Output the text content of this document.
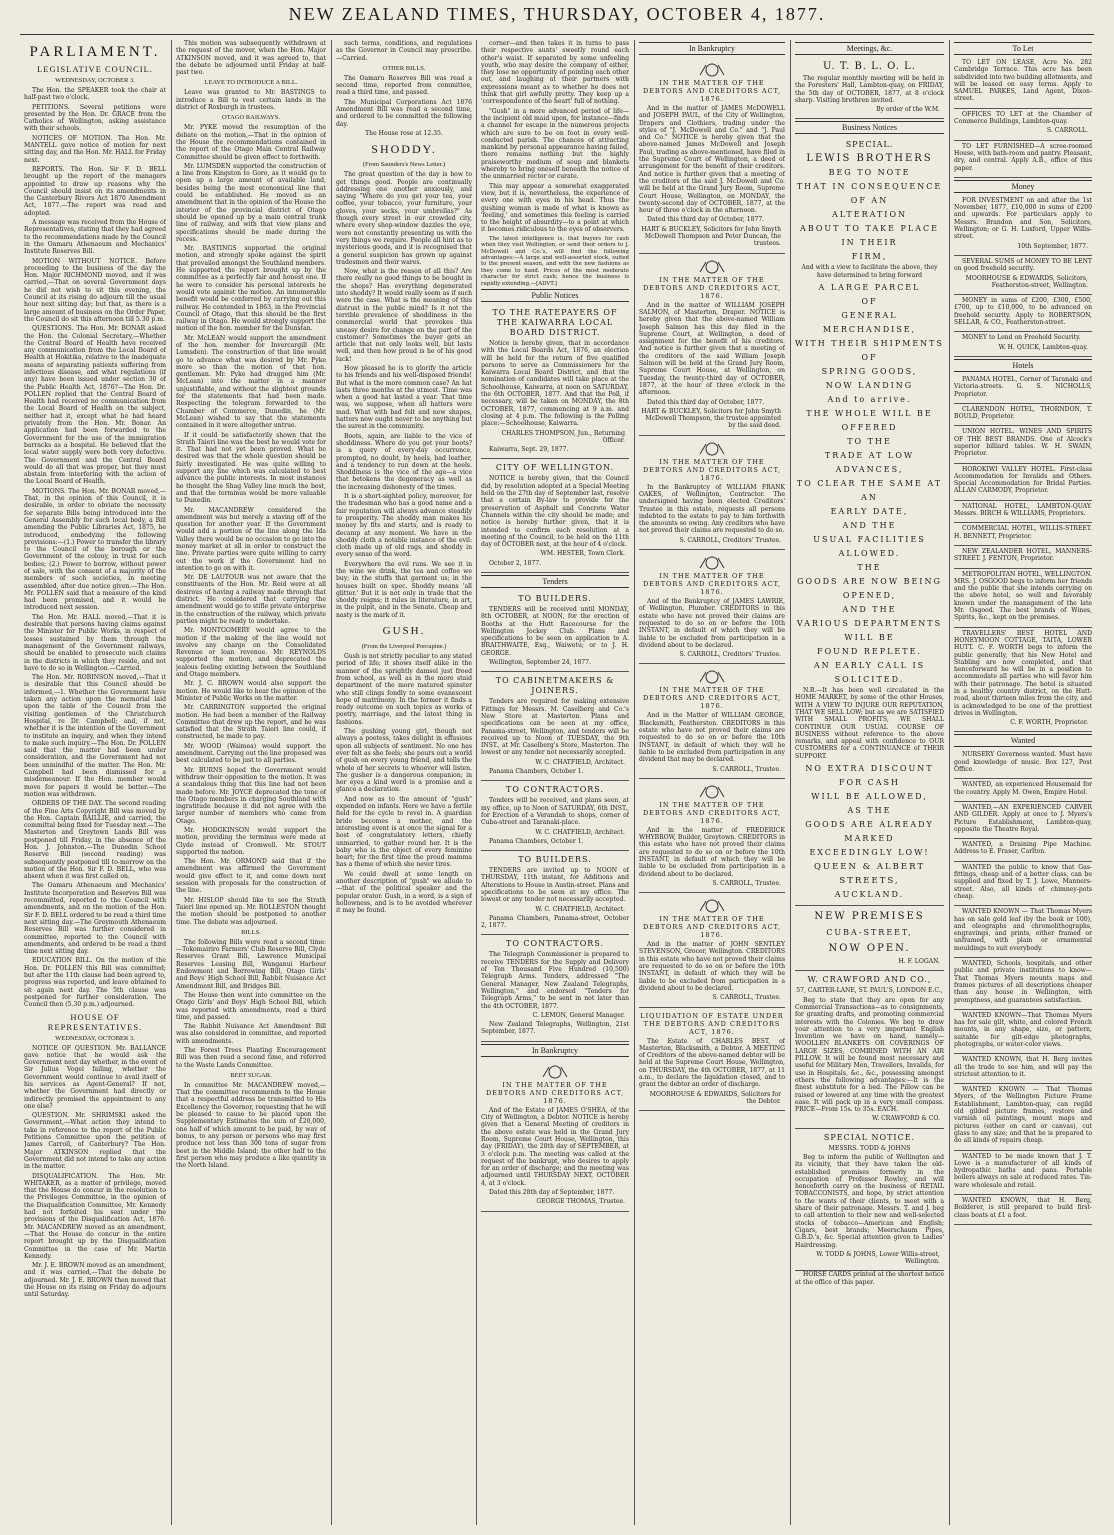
NEW ZEALAND TIMES, THURSDAY, OCTOBER 4, 1877.
PARLIAMENT.
LEGISLATIVE COUNCIL.
WEDNESDAY, OCTOBER 3.

The Hon. the SPEAKER took the chair at half-past two o'clock.

PETITIONS. Several petitions were presented by the Hon. Dr. GRACE from the Catholics of Wellington, asking assistance with their schools.

NOTICES OF MOTION. The Hon. Mr. MANTELL gave notice of motion for next sitting day, and the Hon. Mr. HALL for Friday next.

REPORTS. The Hon. Sir F. D. BELL brought up the report of the managers appointed to draw up reasons why the Council should insist on its amendments in the Canterbury Rivers Act 1870 Amendment Act, 1877.—The report was read and adopted.

A message was received from the House of Representatives, stating that they had agreed to the recommendations made by the Council in the Oamaru Athenaeum and Mechanics' Institute Reserves Bill.

MOTION WITHOUT NOTICE. Before proceeding to the business of the day the Hon. Major RICHMOND moved, and it was carried,—That on several Government days he did not wish to sit this evening, the Council at its rising do adjourn till the usual hour next sitting day; but that, as there is a large amount of business on the Order Paper, the Council do sit this afternoon till 5.30 p.m.

QUESTIONS. The Hon. Mr. BONAR asked the Hon. the Colonial Secretary,—Whether the Central Board of Health have received any communication from the Local Board of Health at Hokitika, relative to the inadequate means of separating patients suffering from infectious disease, and what regulations (if any) have been issued under section 30 of the Public Health Act, 1876?—The Hon. Dr. POLLEN replied that the Central Board of Health had received no communication from the Local Board of Health on the subject, neither had it, except what he had heard privately from the Hon. Mr. Bonar. An application had been forwarded to the Government for the use of the immigration barracks as a hospital. He believed that the local water supply were both very defective. The Government and the Central Board would do all that was proper, but they must abstain from interfering with the action of the Local Board of Health.

MOTIONS. The Hon. Mr. BONAR moved,—That, in the opinion of this Council, it is desirable, in order to obviate the necessity for separate Bills being introduced into the General Assembly for such local body, a Bill amending the Public Libraries Act, 1875, be introduced, embodying the following provisions:—(1.) Power to transfer the library to the Council of the borough or the Government of the colony, in trust for such bodies; (2.) Power to borrow, without power of sale, with the consent of a majority of the members of such societies, in meeting assembled, after due notice given.—The Hon. Mr. FOLLEN said that a measure of the kind had been promised, and it would be introduced next session.

The Hon. Mr. HALL moved,—That it is desirable that persons having claims against the Minister for Public Works, in respect of losses sustained by them through the management of the Government railways, should be enabled to prosecute such claims in the districts in which they reside, and not have to do so in Wellington.—Carried.

The Hon. Mr. ROBINSON moved,—That it is desirable that this Council should be informed,—1. Whether the Government have taken any action upon the memorial laid upon the table of the Council from the visiting gentlemen of the Christchurch Hospital, re Dr. Campbell; and, if not, whether it is the intention of the Government to institute an inquiry, and when they intend to make such inquiry.—The Hon. Dr. POLLEN said that the matter had been under consideration, and the Government had not been unmindful of the matter. The Hon. Mr. Campbell had been dismissed for a misdemeanour. If the Hon. member would move for papers it would be better.—The motion was withdrawn.

ORDERS OF THE DAY. The second reading of the Fine Arts Copyright Bill was moved by the Hon. Captain BAILLIE, and carried, the committal being fixed for Tuesday next.—The Masterton and Greytown Lands Bill was postponed till Friday, in the absence of the Hon. J. Johnston.—The Dunedin School Reserve Bill (second reading) was subsequently postponed till to-morrow on the motion of the Hon. Sir F. D. BELL, who was absent when it was first called on.

The Oamaru Athenaeum and Mechanics' Institute Incorporation and Reserves Bill was recommitted, reported to the Council with amendments, and on the motion of the Hon. Sir F. D. BELL ordered to be read a third time next sitting day.—The Greymouth Athenaeum Reserves Bill was further considered in committee, reported to the Council with amendments, and ordered to be read a third time next sitting day.

EDUCATION BILL. On the motion of the Hon. Dr. POLLEN this Bill was committed; but after the 11th clause had been agreed to, progress was reported, and leave obtained to sit again next day. The 5th clause was postponed for further consideration. The Council then (5.30 p.m.) adjourned.

HOUSE OF REPRESENTATIVES.
WEDNESDAY, OCTOBER 3.

NOTICE OF QUESTION. Mr. BALLANCE gave notice that he would ask the Government next day whether, in the event of Sir Julius Vogel failing, whether the Government would continue to avail itself of his services as Agent-General? If not, whether the Government had directly or indirectly promised the appointment to any one else?

QUESTION. Mr. SHRIMSKI asked the Government,—What action they intend to take in reference to the report of the Public Petitions Committee upon the petition of James Carroll, of Canterbury? The Hon. Major ATKINSON replied that the Government did not intend to take any action in the matter.

DISQUALIFICATION. The Hon. Mr. WHITAKER, as a matter of privilege, moved that the House do concur in the resolution to the Privileges Committee, in the opinion of the Disqualification Committee, Mr. Kennedy had not forfeited his seat under the provisions of the Disqualification Act, 1876. Mr. MACANDREW moved as an amendment,—That the House do concur in the entire report brought up by the Disqualification Committee in the case of Mr. Martin Kennedy.

Mr. J. E. BROWN moved as an amendment, and it was carried,—That the debate be adjourned. Mr. J. E. BROWN then moved that the House on its rising on Friday do adjourn until Saturday.

This motion was subsequently withdrawn at the request of the mover, when the Hon. Major ATKINSON moved, and it was agreed to, that the debate be adjourned until Friday at half-past two.

LEAVE TO INTRODUCE A BILL.

Leave was granted to Mr. BASTINGS to introduce a Bill to vest certain lands in the district of Roxburgh in trustees.

OTAGO RAILWAYS.

Mr. PYKE moved the resumption of the debate on the motion,—That in the opinion of the House the recommendations contained in the report of the Otago Main Central Railway Committee should be given effect to forthwith.

Mr. LUMSDEN supported the construction of a line from Kingston to Gore, as it would go to open up a large amount of available land, besides being the most economical line that could be established. He moved as an amendment that in the opinion of the House the interior of the provincial district of Otago should be opened up by a main central trunk line of railway, and with that view plans and specifications should be made during the recess.

Mr. BASTINGS supported the original motion, and strongly spoke against the spirit that prevailed amongst the Southland members. He supported the report brought up by the committee as a perfectly fair and honest one. If he were to consider his personal interests he would vote against the motion. An innumerable benefit would be conferred by carrying out this railway. He contended in 1863, in the Provincial Council of Otago, that this should be the first railway in Otago. He would strongly support the motion of the hon. member for the Dunstan.

Mr. McLEAN would support the amendment of the hon. member for Invercargill (Mr. Lumsden). The construction of that line would go to advance what was desired by Mr. Pyke more so than the motion of that hon. gentleman. Mr. Pyke had dragged him (Mr. McLean) into the matter in a manner unjustifiable, and without the slightest grounds for the statements that had been made. Respecting the telegram forwarded to the Chamber of Commerce, Dunedin, he (Mr. McLean) wished to say that the statements contained in it were altogether untrue.

If it could be satisfactorily shown that the Strath Taieri line was the best he would vote for it. That had not yet been proved. What he desired was that the whole question should be fairly investigated. He was quite willing to support any line which was calculated to best advance the public interests. In most instances he thought the Shag Valley line much the best, and that the terminus would be more valuable to Dunedin.

Mr. MACANDREW considered the amendment was but merely a staving off of the question for another year. If the Government would add a portion of the line along the Ida Valley there would be no occasion to go into the money market at all in order to construct the line. Private parties were quite willing to carry out the work if the Government had no intention to go on with it.

Mr. DE LAUTOUR was not aware that the constituents of the Hon. Mr. Reid were at all desirous of having a railway made through that district. He considered that carrying the amendment would go to stifle private enterprise in the construction of the railway, which private parties might be ready to undertake.

Mr. MONTGOMERY would agree to the motion if the making of the line would not involve any charge on the Consolidated Revenue or loan revenue. Mr. REYNOLDS supported the motion, and deprecated the jealous feeling existing between the Southland and Otago members.

Mr. J. C. BROWN would also support the motion. He would like to hear the opinion of the Minister of Public Works on the matter.

Mr. CARRINGTON supported the original motion. He had been a member of the Railway Committee that drew up the report, and he was satisfied that the Strath Taieri line could, if constructed, be made to pay.

Mr. WOOD (Waimea) would support the amendment. Carrying out the line proposed was best calculated to be just to all parties.

Mr. BURNS hoped the Government would withdraw their opposition to the motion. It was a scandalous thing that this line had not been made before. Mr. JOYCE deprecated the tone of the Otago members in charging Southland with ingratitude because it did not agree with the larger number of members who came from Otago.

Mr. HODGKINSON would support the motion, providing the terminus were made at Clyde instead of Cromwell. Mr. STOUT supported the motion.

The Hon. Mr. ORMOND said that if the amendment was affirmed the Government would give effect to it, and come down next session with proposals for the construction of the line.

Mr. HISLOP should like to see the Strath Taieri line opened up. Mr. ROLLESTON thought the motion should be postponed to another time. The debate was adjourned.

BILLS.

The following Bills were read a second time:—Tokomairiro Farmers' Club Reserve Bill, Clyde Reserves Grant Bill, Lawrence Municipal Reserves Leasing Bill, Wanganui Harbour Endowment and Borrowing Bill, Otago Girls' and Boys' High School Bill, Rabbit Nuisance Act Amendment Bill, and Bridges Bill.

The House then went into committee on the Otago Girls' and Boys' High School Bill, which was reported with amendments, read a third time, and passed.

The Rabbit Nuisance Act Amendment Bill was also considered in committee, and reported with amendments.

The Forest Trees Planting Encouragement Bill was then read a second time, and referred to the Waste Lands Committee.

BEET SUGAR.

In committee Mr. MACANDREW moved,—That the committee recommends to the House that a respectful address be transmitted to His Excellency the Governor, requesting that he will be pleased to cause to be placed upon the Supplementary Estimates the sum of £20,000, one half of which amount to be paid, by way of bonus, to any person or persons who may first produce not less than 300 tons of sugar from beet in the Middle Island; the other half to the first person who may produce a like quantity in the North Island.

such terms, conditions, and regulations as the Governor in Council may prescribe.—Carried.

OTHER BILLS.

The Oamaru Reserves Bill was read a second time, reported from committee, read a third time, and passed.

The Municipal Corporations Act 1876 Amendment Bill was read a second time, and ordered to be committed the following day.

The House rose at 12.35.

SHODDY.
(From Saunders's News Letter.)

The great question of the day is how to get things good. People are continually addressing one another anxiously, and saying "Where do you get your tea, your coffee, your tobacco, your furniture, your gloves, your socks, your umbrellas?" As though every street in our crowded city, where every shop-window dazzles the eye, were not constantly presenting us with the very things we require. People all hint as to mysterious goods, and it is recognised that a general suspicion has grown up against tradesmen and their wares.

Now, what is the reason of all this? Are there really no good things to be bought in the shops? Has everything degenerated into shoddy? It would really seem as if such were the case. What is the meaning of this distrust in the public mind? Is it not the terrible prevalence of shoddiness in the commercial world that provokes this uneasy desire for change on the part of the customer? Sometimes the buyer gets an article that not only looks well, but lasts well, and then how proud is he of his good luck!

How pleased he is to glorify the article to his friends and his well-disposed friends! But what is the more common case? An hat lasts three months at the utmost. Time was when a good hat lasted a year. That time was, we suppose, when all hatters were mad. What with bad felt and new shapes, hatters now ought never to be anything but the surest in the community.

Boots, again, are liable to the vice of shoddiness. Where do you get your boots? is a query of every-day occurrence, prompted, no doubt, by heels, bad leather, and a tendency to run down at the heels. Shoddiness is the vice of the age—a vice that betokens the degeneracy as well as the increasing dishonesty of the times.

It is a short-sighted policy, moreover, for the tradesman who has a good name and a fair reputation will always advance steadily to prosperity. The shoddy man makes his money by fits and starts, and is ready to decamp at any moment. We have in the shoddy cloth a notable instance of the evil: cloth made up of old rags, and shoddy in every sense of the word.

Everywhere the evil runs. We see it in the wine we drink, the tea and coffee we buy; in the stuffs that garment us; in the houses built on spec. Shoddy means 'all glitter.' But it is not only in trade that the shoddy reigns; it rules in literature, in art, in the pulpit, and in the Senate. Cheap and nasty is the mark of it.

GUSH.
(From the Liverpool Porcupine.)

Gush is not strictly peculiar to any stated period of life; it shows itself alike in the manner of the sprightly damsel just freed from school, as well as in the more staid department of the more matured spinster who still clings fondly to some evanescent hope of matrimony. In the former it finds a ready outcome on such topics as works of poetry, marriage, and the latest thing in fashions.

The gushing young girl, though not always a poetess, takes delight in effusions upon all subjects of sentiment. No one has ever felt as she feels; she pours out a world of gush on every young friend, and tells the whole of her secrets to whoever will listen. The gusher is a dangerous companion; in her eyes a kind word is a promise and a glance a declaration.

And now as to the amount of "gush" expended on infants. Here we have a fertile field for the cycle to revel in. A guardian bride becomes a mother, and the interesting event is at once the signal for a host of congratulatory letters, chiefly unmarried, to gather round her. It is the baby who is the object of every feminine heart; for the first time the proud mamma has a theme of which she never tires.

We could dwell at some length on another description of "gush" we allude to—that of the political speaker and the popular orator. Gush, in a word, is a sign of hollowness, and is to be avoided wherever it may be found.

corner—and then takes it in turns to pass their respective aunts' sweetly round each other's waist. If separated by some unfeeling youth, who may desire the company of either, they lose no opportunity of pointing each other out, and laughing at their partners with expressions meant as to whether he does not think that girl awfully pretty. They keep up a 'correspondence of the heart' full of nothing.

"Gush" in a more advanced period of life—the incipient old maid upon, for instance—finds a channel for escape in the numerous projects which are sure to be on foot in every well-conducted parish. The chances of attracting mankind by personal appearance having failed, there remains nothing but the highly praiseworthy medium of soup and blankets whereby to bring oneself beneath the notice of the unmarried rector or curate.

This may appear a somewhat exaggerated view, but it is, nevertheless, the experience of every one with eyes in his head. Thus the gushing woman is made of what is known as 'feeling,' and sometimes this feeling is carried to the height of absurdity—to a point at which it becomes ridiculous to the eyes of observers.

The latest intelligence is, that buyers for cash when they visit Wellington, or send their orders to J. McDowell and Co.'s, will find the following advantages:—A large and well-assorted stock, suited to the present season, and with the new fashions as they come to hand. Prices of the most moderate character for strict cash; hence the business is rapidly extending.—[ADVT.]

Public Notices
TO THE RATEPAYERS OF THE KAIWARRA LOCAL BOARD DISTRICT.

Notice is hereby given, that in accordance with the Local Boards Act, 1876, an election will be held for the return of five qualified persons to serve as Commissioners for the Kaiwarra Local Board District, and that the nomination of candidates will take place at the Schoolhouse, Kaiwarra, at noon on SATURDAY, the 6th OCTOBER, 1877. And that the Poll, if necessary, will be taken on MONDAY, the 8th OCTOBER, 1877, commencing at 9 a.m. and closing at 4 p.m. The following is the Polling place:—Schoolhouse, Kaiwarra.

CHARLES THOMPSON, Jun., Returning Officer.

Kaiwarra, Sept. 29, 1877.

CITY OF WELLINGTON.

NOTICE is hereby given, that the Council did, by resolution adopted at a Special Meeting held on the 27th day of September last, resolve that a certain By-law to provide for the preservation of Asphalt and Concrete Water Channels within the city should be made; and notice is hereby further given, that it is intended to confirm such resolution at a meeting of the Council, to be held on the 11th day of OCTOBER next, at the hour of 4 o'clock.

WM. HESTER, Town Clerk.

October 2, 1877.

Tenders
TO BUILDERS.

TENDERS will be received until MONDAY, 8th OCTOBER, at NOON, for the erection of Booths at the Hutt Racecourse for the Wellington Jockey Club. Plans and specifications to be seen on application to A. BRAITHWAITE, Esq., Waiwetu; or to J. H. GEORGE.

Wellington, September 24, 1877.

TO CABINETMAKERS & JOINERS.

Tenders are required for making extensive Fittings for Messrs. M. Caselberg and Co.'s New Store at Masterton. Plans and specifications can be seen at my office, Panama-street, Wellington, and tenders will be received up to Noon of TUESDAY, the 9th INST., at Mr. Caselberg's Store, Masterton. The lowest or any tender not necessarily accepted.

W. C. CHATFIELD, Architect.

Panama Chambers, October 1.

TO CONTRACTORS.

Tenders will be received, and plans seen, at my office, up to Noon of SATURDAY, 6th INST., for Erection of a Verandah to shops, corner of Cuba-street and Taranaki-place.

W. C. CHATFIELD, Architect.

Panama Chambers, October 1.

TO BUILDERS.

TENDERS are invited up to NOON of THURSDAY, 11th instant, for Additions and Alterations to House in Austin-street. Plans and specifications to be seen at my office. The lowest or any tender not necessarily accepted.

W. C. CHATFIELD, Architect.

Panama Chambers, Panama-street, October 2, 1877.

TO CONTRACTORS.

The Telegraph Commissioner is prepared to receive TENDERS for the Supply and Delivery of Ten Thousand Five Hundred (10,500) Telegraph Arms. Tenders, addressed "The General Manager, New Zealand Telegraphs, Wellington," and endorsed "Tenders for Telegraph Arms," to be sent in not later than the 4th OCTOBER, 1877.

C. LEMON, General Manager.

New Zealand Telegraphs, Wellington, 21st September, 1877.

In Bankruptcy
IN THE MATTER OF THE DEBTORS AND CREDITORS ACT, 1876.

And of the Estate of JAMES O'SHEA, of the City of Wellington, a Debtor. NOTICE is hereby given that a General Meeting of creditors in the above estate was held in the Grand Jury Room, Supreme Court House, Wellington, this day (FRIDAY), the 28th day of SEPTEMBER, at 3 o'clock p.m. The meeting was called at the request of the bankrupt, who desires to apply for an order of discharge; and the meeting was adjourned until THURSDAY NEXT, OCTOBER 4, at 3 o'clock.

Dated this 28th day of September, 1877.

GEORGE THOMAS, Trustee.

In Bankruptcy
IN THE MATTER OF THE DEBTORS AND CREDITORS ACT, 1876.

And in the matter of JAMES McDOWELL and JOSEPH PAUL, of the City of Wellington, Drapers and Clothiers, trading under the styles of "J. McDowell and Co." and "J. Paul and Co." NOTICE is hereby given that the above-named James McDowell and Joseph Paul, trading as above-mentioned, have filed in the Supreme Court of Wellington, a deed of arrangement for the benefit of their creditors. And notice is further given that a meeting of the creditors of the said J. McDowell and Co. will be held at the Grand Jury Room, Supreme Court House, Wellington, on MONDAY, the twenty-second day of OCTOBER, 1877, at the hour of three o'clock in the afternoon.

Dated this third day of October, 1877.

HART & BUCKLEY, Solicitors for John Smyth McDowell Thompson and Peter Duncan, the trustees.

IN THE MATTER OF THE DEBTORS AND CREDITORS ACT, 1876.

And in the matter of WILLIAM JOSEPH SALMON, of Masterton, Draper. NOTICE is hereby given that the above-named William Joseph Salmon has this day filed in the Supreme Court, at Wellington, a deed of assignment for the benefit of his creditors. And notice is further given that a meeting of the creditors of the said William Joseph Salmon will be held at the Grand Jury Room, Supreme Court House, at Wellington, on Tuesday, the twenty-third day of OCTOBER, 1877, at the hour of three o'clock in the afternoon.

Dated this third day of October, 1877.

HART & BUCKLEY, Solicitors for John Smyth McDowell Thompson, the trustee appointed by the said deed.

IN THE MATTER OF THE DEBTORS AND CREDITORS ACT, 1876.

In the Bankruptcy of WILLIAM FRANK OAKES, of Wellington, Contractor. The undersigned having been elected Creditors' Trustee in this estate, requests all persons indebted to the estate to pay to him forthwith the amounts so owing. Any creditors who have not proved their claims are requested to do so.

S. CARROLL, Creditors' Trustee.

IN THE MATTER OF THE DEBTORS AND CREDITORS ACT, 1876.

And of the Bankruptcy of JAMES LAWRIE, of Wellington, Plumber. CREDITORS in this estate who have not proved their claims are requested to do so on or before the 10th INSTANT, in default of which they will be liable to be excluded from participation in a dividend about to be declared.

S. CARROLL, Creditors' Trustee.

IN THE MATTER OF THE DEBTORS AND CREDITORS ACT, 1876.

And in the Matter of WILLIAM GEORGE, Blacksmith, Featherston. CREDITORS in this estate who have not proved their claims are requested to do so on or before the 10th INSTANT, in default of which they will be liable to be excluded from participation in any dividend that may be declared.

S. CARROLL, Trustee.

IN THE MATTER OF THE DEBTORS AND CREDITORS ACT, 1876.

And in the matter of FREDERICK WHYBROW, Builder, Greytown. CREDITORS in this estate who have not proved their claims are requested to do so on or before the 10th INSTANT, in default of which they will be liable to be excluded from participation in a dividend about to be declared.

S. CARROLL, Trustee.

IN THE MATTER OF THE DEBTORS AND CREDITORS ACT, 1876.

And in the matter of JOHN SENTLEY STEVENSON, Grocer, Wellington. CREDITORS in this estate who have not proved their claims are requested to do so on or before the 10th INSTANT, in default of which they will be liable to be excluded from participation in a dividend about to be declared.

S. CARROLL, Trustee.

LIQUIDATION OF ESTATE UNDER THE DEBTORS AND CREDITORS ACT, 1876.

The Estate of CHARLES BEST, of Masterton, Blacksmith, a Debtor. A MEETING of Creditors of the above-named debtor will be held at the Supreme Court House, Wellington, on THURSDAY, the 4th OCTOBER, 1877, at 11 a.m., to declare the liquidation closed, and to grant the debtor an order of discharge.

MOORHOUSE & EDWARDS, Solicitors for the Debtor.

Meetings, &c.
U. T. B. L. O. L.

The regular monthly meeting will be held in the Foresters' Hall, Lambton-quay, on FRIDAY, the 5th day of OCTOBER, 1877, at 8 o'clock sharp. Visiting brethren invited.

By order of the W.M.

Business Notices
SPECIAL.
LEWIS BROTHERS
BEG TO NOTE
THAT IN CONSEQUENCE OF AN
ALTERATION
ABOUT TO TAKE PLACE IN THEIR
FIRM,

And with a view to facilitate the above, they have determined to bring forward

A LARGE PARCEL
OF
GENERAL MERCHANDISE,
WITH THEIR SHIPMENTS
OF
SPRING GOODS,
NOW LANDING
And to arrive.
THE WHOLE WILL BE OFFERED
TO THE
TRADE AT LOW ADVANCES,
TO CLEAR THE SAME AT AN
EARLY DATE,
AND THE
USUAL FACILITIES ALLOWED.
THE
GOODS ARE NOW BEING OPENED,
AND THE
VARIOUS DEPARTMENTS
WILL BE
FOUND REPLETE.
AN EARLY CALL IS SOLICITED.

N.B.—It has been well circulated in the HOME MARKET, by some of the other Houses, WITH A VIEW TO INJURE OUR REPUTATION, THAT WE SELL LOW; but as we are SATISFIED WITH SMALL PROFITS, WE SHALL CONTINUE OUR USUAL COURSE OF BUSINESS without reference to the above remarks, and appeal with confidence to OUR CUSTOMERS for a CONTINUANCE of THEIR SUPPORT.

NO EXTRA DISCOUNT FOR CASH
WILL BE ALLOWED,
AS THE
GOODS ARE ALREADY MARKED
EXCEEDINGLY LOW!
QUEEN & ALBERT STREETS,
AUCKLAND.
NEW PREMISES
CUBA-STREET,
NOW OPEN.

H. F. LOGAN.

W. CRAWFORD AND CO.,

57, CARTER-LANE, ST. PAUL'S, LONDON E.C.,

Beg to state that they are open for any Commercial Transactions—as to consignments, for granting drafts, and promoting commercial interests with the Colonies. We beg to draw your attention to a very important English Invention we have on hand, namely—WOOLLEN BLANKETS OR COVERINGS OF LARGE SIZES, COMBINED WITH AN AIR PILLOW. It will be found most necessary and useful for Military Men, Travellers, Invalids, for use in Hospitals, &c., &c., possessing amongst others the following advantages:—It is the finest substitute for a bed. The Pillow can be raised or lowered at any time with the greatest ease. It will pack up in a very small compass. PRICE—From 15s. to 35s. EACH.

W. CRAWFORD & CO.

SPECIAL NOTICE.

MESSRS. TODD & JOHNS

Beg to inform the public of Wellington and its vicinity, that they have taken the old-established premises formerly in the occupation of Professor Rowley, and will henceforth carry on the business of RETAIL TOBACCONISTS, and hope, by strict attention to the wants of their clients, to meet with a share of their patronage. Messrs. T. and J. beg to call attention to their new and well-selected stocks of tobacco—American and English; Cigars, best brands; Meerschaum Pipes, G.B.D.'s, &c. Special attention given to Ladies' Hairdressing.

W. TODD & JOHNS, Lower Willis-street, Wellington.

HORSE CARDS printed at the shortest notice at the office of this paper.

To Let

TO LET ON LEASE, Acre No. 282 Cambridge Terrace. This acre has been subdivided into two building allotments, and will be leased on easy terms. Apply to SAMUEL PARKES, Land Agent, Dixon-street.

OFFICES TO LET at the Chamber of Commerce Buildings, Lambton-quay.

S. CARROLL.

TO LET FURNISHED—A scree-roomed House, with bath-room and pantry. Pleasant, dry, and central. Apply A.B., office of this paper.

Money

FOR INVESTMENT on and after the 1st November, 1877, £10,000 in sums of £200 and upwards. For particulars apply to Messrs. Brandon and Son, Solicitors, Wellington; or G. H. Luxford, Upper Willis-street.

10th September, 1877.

SEVERAL SUMS of MONEY TO BE LENT on good freehold security.

MOORHOUSE & EDWARDS, Solicitors, Featherston-street, Wellington.

MONEY in sums of £200, £300, £500, £700, up to £10,000, to be advanced on freehold security. Apply to ROBERTSON, SELLAR, & CO., Featherston-street.

MONEY to Lend on Freehold Security.

W. H. QUICK, Lambton-quay.

Hotels

PANAMA HOTEL, Corner of Taranaki and Victoria-streets. G. S. NICHOLLS, Proprietor.

CLARENDON HOTEL, THORNDON, T. BOULD, Proprietor.

UNION HOTEL. WINES AND SPIRITS OF THE BEST BRANDS. One of Alcock's superior billiard tables. W. H. SWAIN, Proprietor.

HOROKIWI VALLEY HOTEL. First-class Accommodation for Invalids and Others. Special Accommodation for Bridal Parties. ALLAN CARMODY, Proprietor.

NATIONAL HOTEL, LAMBTON-QUAY. Messrs. BIRCH & WILLIAMS, Proprietors.

COMMERCIAL HOTEL, WILLIS-STREET. H. BENNETT, Proprietor.

NEW ZEALANDER HOTEL, MANNERS-STREET. J. FENTON, Proprietor.

METROPOLITAN HOTEL, WELLINGTON. MRS. J. OSGOOD begs to inform her friends and the public that she intends carrying on the above hotel, so well and favorably known under the management of the late Mr. Osgood. The best brands of Wines, Spirits, &c., kept on the premises.

TRAVELLERS' BEST HOTEL AND HONEYMOON COTTAGE, TAITA, LOWER HUTT. C. F. WORTH begs to inform the public generally, that his New Hotel and Stabling are now completed, and that henceforward he will be in a position to accommodate all parties who will favor him with their patronage. The hotel is situated in a healthy country district, on the Hutt-road, about thirteen miles from the city, and is acknowledged to be one of the prettiest drives in Wellington.

C. F. WORTH, Proprietor.

Wanted

NURSERY Governess wanted. Must have good knowledge of music. Box 127, Post Office.

WANTED, an experienced Housemaid for the country. Apply M. Owen, Empire Hotel.

WANTED,—AN EXPERIENCED CARVER AND GILDER. Apply at once to J. Myers's Picture Establishment, Lambton-quay, opposite the Theatre Royal.

WANTED, a Draining Pipe Machine. Address to E. Fraser, Carlton.

WANTED the public to know that Gas-fittings, cheap and of a better class, can be supplied and fixed by T. J. Lowe, Manners-street. Also, all kinds of chimney-pots cheap.

WANTED KNOWN — That Thomas Myers has on sale gold leaf (by the book or 100), and oleographs and chromolithographs, engravings, and prints, either framed or unframed, with plain or ornamental mouldings to suit everybody.

WANTED, Schools, hospitals, and other public and private institutions to know—That Thomas Myers mounts maps and frames pictures of all descriptions cheaper than any house in Wellington, with promptness, and guarantees satisfaction.

WANTED KNOWN—That Thomas Myers has for sale gilt, white, and colored French mounts, in any shape, size, or pattern, suitable for gilt-edge photographs, photographs, or water-color views.

WANTED KNOWN, that H. Berg invites all the trade to see him, and will pay the strictest attention to it.

WANTED KNOWN — That Thomas Myers, of the Wellington Picture Frame Establishment, Lambton-quay, can regild old gilded picture frames, restore and varnish oil paintings, mount maps and pictures (either on card or canvas), cut glass to any size; and that he is prepared to do all kinds of repairs cheap.

WANTED to be made known that J. T. Lowe is a manufacturer of all kinds of hydropathic baths and pans. Portable boilers always on sale at reduced rates. Tin-ware wholesale and retail.

WANTED KNOWN, that H. Berg, Boilderer, is still prepared to build first-class boats at £1 a foot.
